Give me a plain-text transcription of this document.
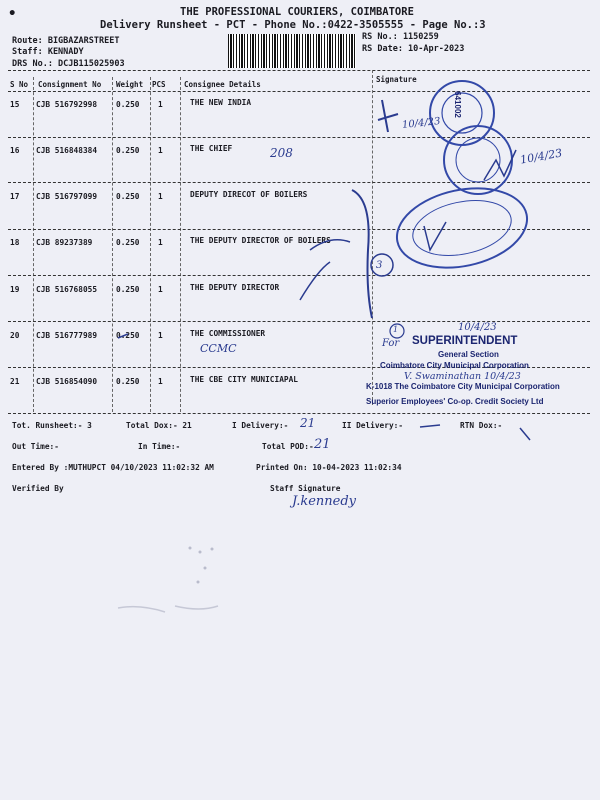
•	THE PROFESSIONAL COURIERS, COIMBATORE
Delivery Runsheet - PCT - Phone No.:0422-3505555 - Page No.:3
Route: BIGBAZARSTREET
Staff: KENNADY
DRS No.: DCJB115025903
RS No.: 1150259
RS Date: 10-Apr-2023
S No Consignment No Weight PCS Consignee Details
Signature
15 CJB 516792998 0.250 1	THE NEW INDIA
16 CJB 516848384 0.250 1	THE CHIEF
17 CJB 516797099 0.250 1	DEPUTY DIRECOT OF BOILERS
18 CJB 89237389	0.250 1	THE DEPUTY DIRECTOR OF BOILERS
19 CJB 516768055 0.250 1	THE DEPUTY DIRECTOR
20 CJB 516777989 0.250 1	THE COMMISSIONER
21 CJB 516854090 0.250 1	THE CBE CITY MUNICIAPAL
Tot. Runsheet:- 3	Total Dox:- 21	I Delivery:-	II Delivery:-	RTN Dox:-
Out Time:-	In Time:-	Total POD:-
Entered By :MUTHUPCT 04/10/2023 11:02:32 AM	Printed On: 10-04-2023 11:02:34
Verified By	Staff Signature
641002
SUPERINTENDENT
General Section
Coimbatore City Municipal Corporation
K-1018 The Coimbatore City Municipal Corporation
Superior Employees' Co-op. Credit Society Ltd
10/4/23
208	10/4/23
3
1
For
10/4/23
CCMC
V. Swaminathan 10/4/23
21
21
J.kennedy
